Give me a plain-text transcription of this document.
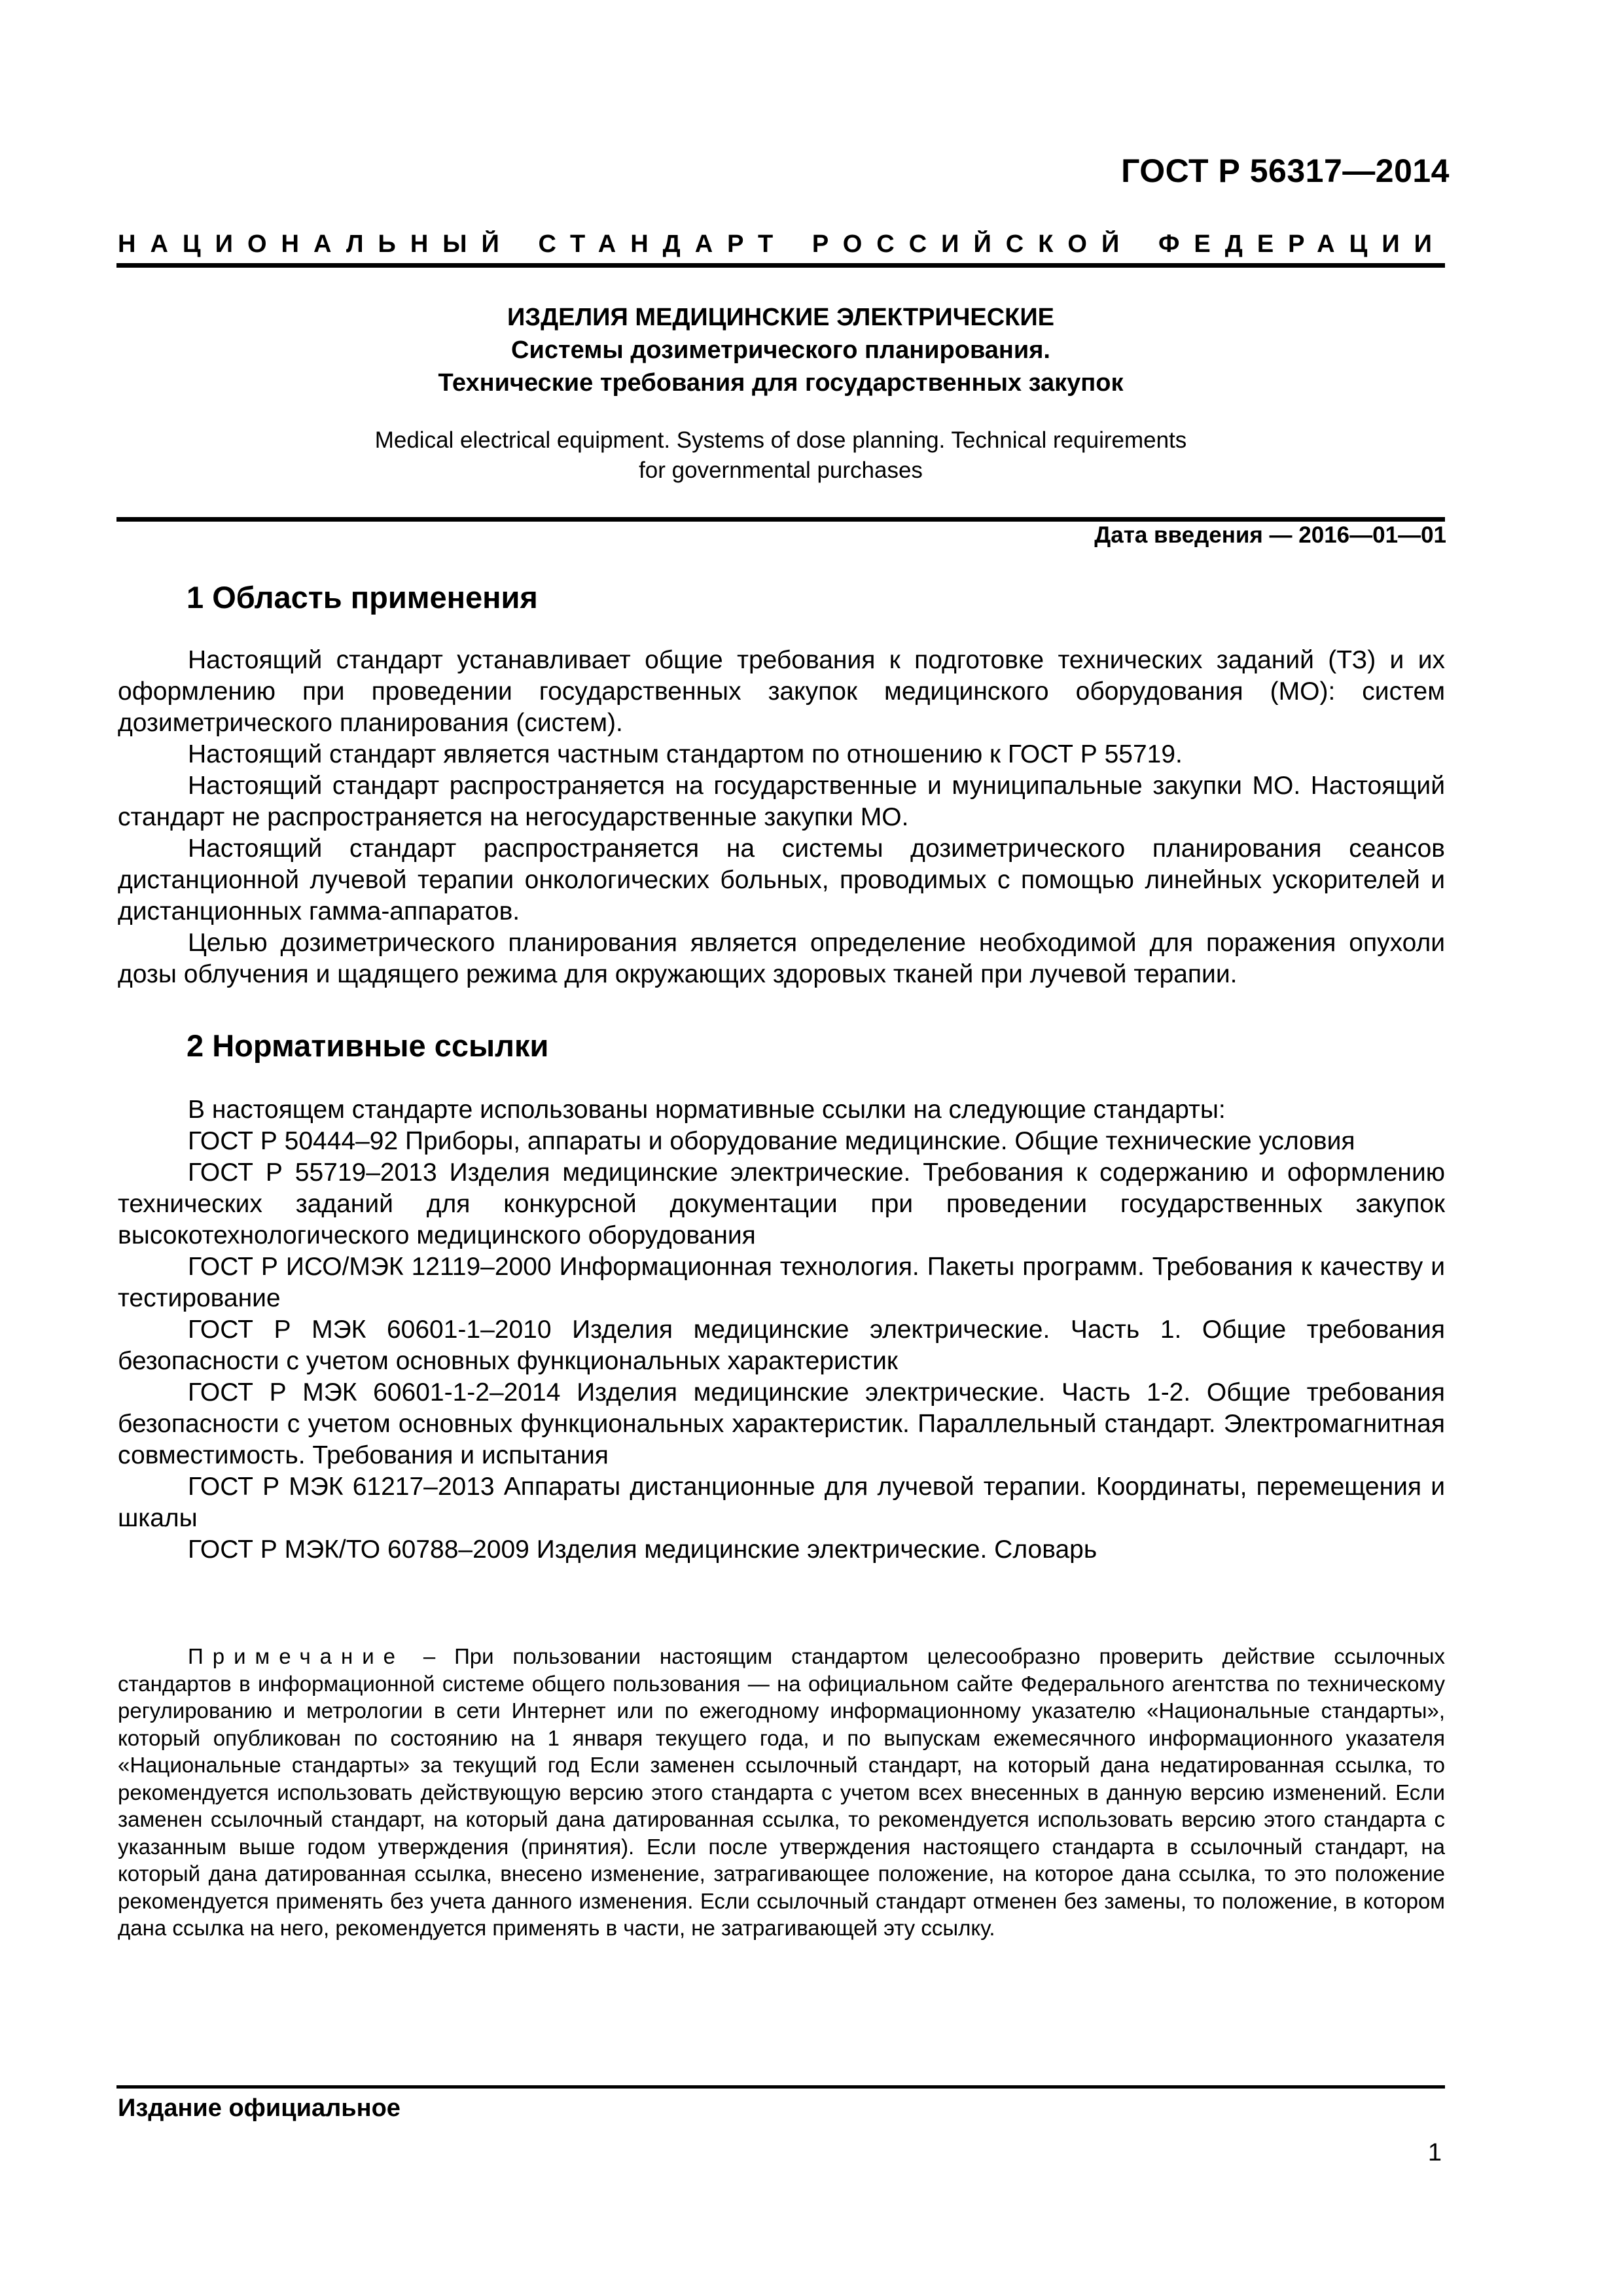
ГОСТ Р 56317—2014
НАЦИОНАЛЬНЫЙ СТАНДАРТ РОССИЙСКОЙ ФЕДЕРАЦИИ
ИЗДЕЛИЯ МЕДИЦИНСКИЕ ЭЛЕКТРИЧЕСКИЕ
Системы дозиметрического планирования.
Технические требования для государственных закупок
Medical electrical equipment. Systems of dose planning. Technical requirements
for governmental purchases
Дата введения — 2016—01—01
1 Область применения

Настоящий стандарт устанавливает общие требования к подготовке технических заданий (ТЗ) и их оформлению при проведении государственных закупок медицинского оборудования (МО): систем дозиметрического планирования (систем).

Настоящий стандарт является частным стандартом по отношению к ГОСТ Р 55719.

Настоящий стандарт распространяется на государственные и муниципальные закупки МО. Настоящий стандарт не распространяется на негосударственные закупки МО.

Настоящий стандарт распространяется на системы дозиметрического планирования сеансов дистанционной лучевой терапии онкологических больных, проводимых с помощью линейных ускорителей и дистанционных гамма-аппаратов.

Целью дозиметрического планирования является определение необходимой для поражения опухоли дозы облучения и щадящего режима для окружающих здоровых тканей при лучевой терапии.

2 Нормативные ссылки

В настоящем стандарте использованы нормативные ссылки на следующие стандарты:

ГОСТ Р 50444–92 Приборы, аппараты и оборудование медицинские. Общие технические условия

ГОСТ Р 55719–2013 Изделия медицинские электрические. Требования к содержанию и оформлению технических заданий для конкурсной документации при проведении государственных закупок высокотехнологического медицинского оборудования

ГОСТ Р ИСО/МЭК 12119–2000 Информационная технология. Пакеты программ. Требования к качеству и тестирование

ГОСТ Р МЭК 60601-1–2010 Изделия медицинские электрические. Часть 1. Общие требования безопасности с учетом основных функциональных характеристик

ГОСТ Р МЭК 60601-1-2–2014 Изделия медицинские электрические. Часть 1-2. Общие требования безопасности с учетом основных функциональных характеристик. Параллельный стандарт. Электромагнитная совместимость. Требования и испытания

ГОСТ Р МЭК 61217–2013 Аппараты дистанционные для лучевой терапии. Координаты, перемещения и шкалы

ГОСТ Р МЭК/ТО 60788–2009 Изделия медицинские электрические. Словарь

Примечание – При пользовании настоящим стандартом целесообразно проверить действие ссылочных стандартов в информационной системе общего пользования — на официальном сайте Федерального агентства по техническому регулированию и метрологии в сети Интернет или по ежегодному информационному указателю «Национальные стандарты», который опубликован по состоянию на 1 января текущего года, и по выпускам ежемесячного информационного указателя «Национальные стандарты» за текущий год Если заменен ссылочный стандарт, на который дана недатированная ссылка, то рекомендуется использовать действующую версию этого стандарта с учетом всех внесенных в данную версию изменений. Если заменен ссылочный стандарт, на который дана датированная ссылка, то рекомендуется использовать версию этого стандарта с указанным выше годом утверждения (принятия). Если после утверждения настоящего стандарта в ссылочный стандарт, на который дана датированная ссылка, внесено изменение, затрагивающее положение, на которое дана ссылка, то это положение рекомендуется применять без учета данного изменения. Если ссылочный стандарт отменен без замены, то положение, в котором дана ссылка на него, рекомендуется применять в части, не затрагивающей эту ссылку.

Издание официальное
1
